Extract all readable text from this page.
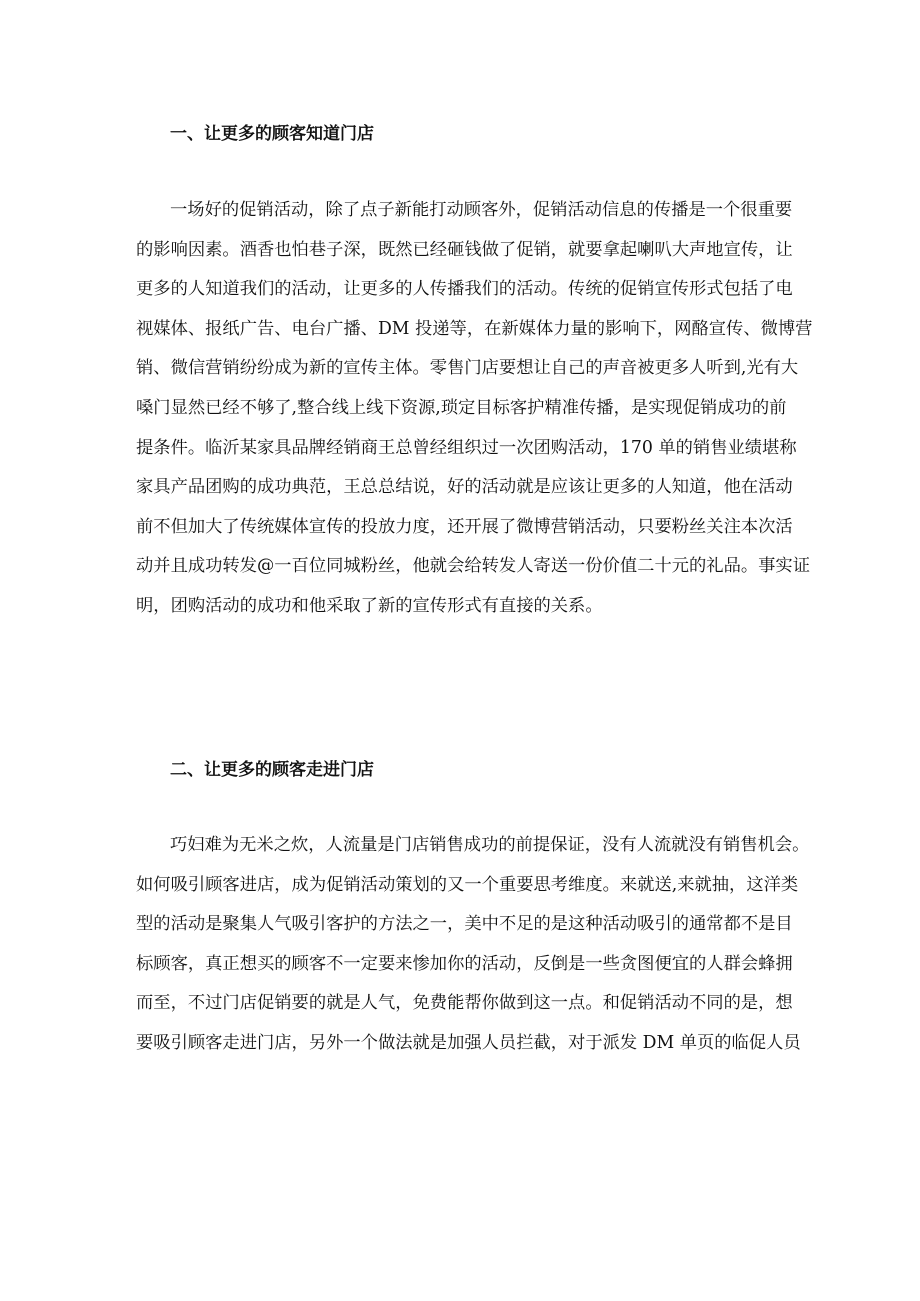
一、让更多的顾客知道门店
一场好的促销活动，除了点子新能打动顾客外，促销活动信息的传播是一个很重要
的影响因素。酒香也怕巷子深，既然已经砸钱做了促销，就要拿起喇叭大声地宣传，让
更多的人知道我们的活动，让更多的人传播我们的活动。传统的促销宣传形式包括了电
视媒体、报纸广告、电台广播、DM 投递等，在新媒体力量的影响下，网酪宣传、微博营
销、微信营销纷纷成为新的宣传主体。零售门店要想让自己的声音被更多人听到,光有大
嗓门显然已经不够了,整合线上线下资源,琐定目标客护精准传播，是实现促销成功的前
提条件。临沂某家具品牌经销商王总曾经组织过一次团购活动，170 单的销售业绩堪称
家具产品团购的成功典范，王总总结说，好的活动就是应该让更多的人知道，他在活动
前不但加大了传统媒体宣传的投放力度，还开展了微博营销活动，只要粉丝关注本次活
动并且成功转发@一百位同城粉丝，他就会给转发人寄送一份价值二十元的礼品。事实证
明，团购活动的成功和他采取了新的宣传形式有直接的关系。
二、让更多的顾客走进门店
巧妇难为无米之炊，人流量是门店销售成功的前提保证，没有人流就没有销售机会。
如何吸引顾客进店，成为促销活动策划的又一个重要思考维度。来就送,来就抽，这洋类
型的活动是聚集人气吸引客护的方法之一，美中不足的是这种活动吸引的通常都不是目
标顾客，真正想买的顾客不一定要来惨加你的活动，反倒是一些贪图便宜的人群会蜂拥
而至，不过门店促销要的就是人气，免费能帮你做到这一点。和促销活动不同的是，想
要吸引顾客走进门店，另外一个做法就是加强人员拦截，对于派发 DM 单页的临促人员
